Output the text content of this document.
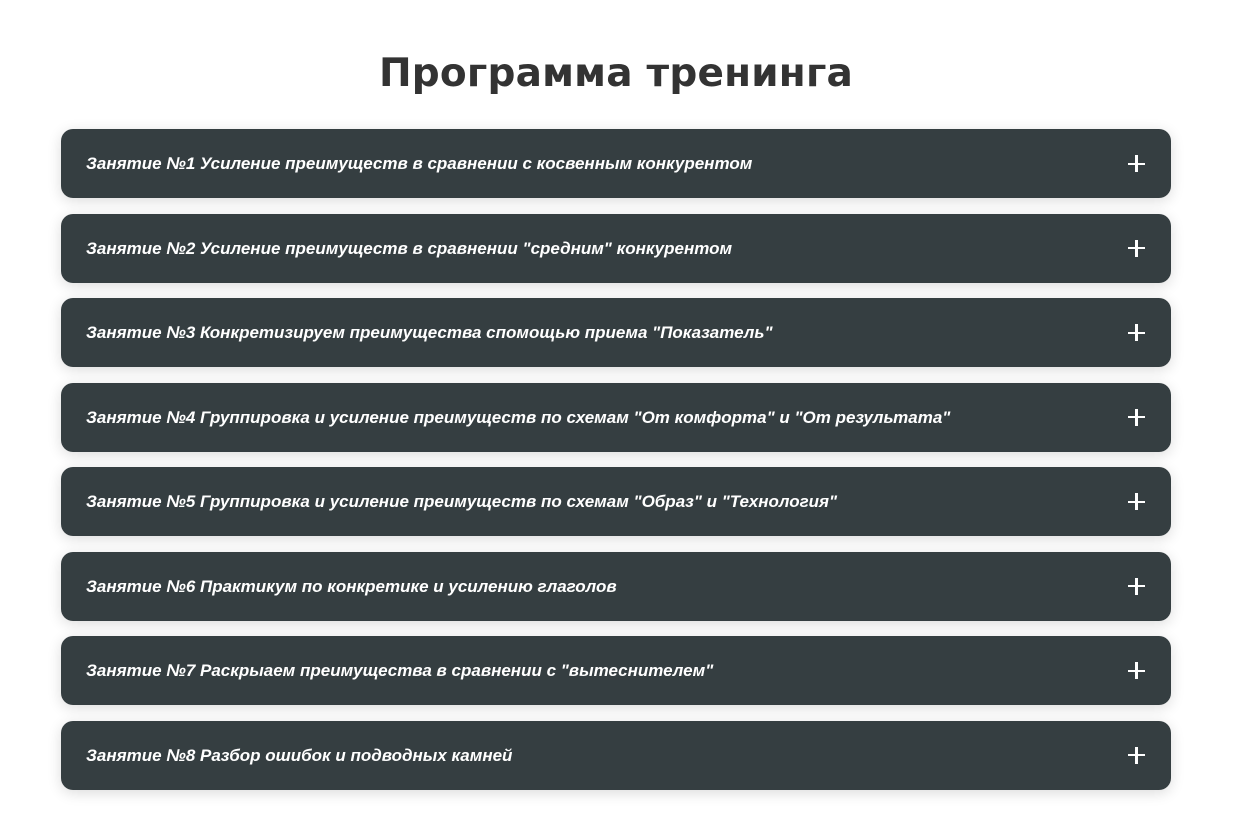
Программа тренинга
Занятие №1 Усиление преимуществ в сравнении с косвенным конкурентом
Занятие №2 Усиление преимуществ в сравнении "средним" конкурентом
Занятие №3 Конкретизируем преимущества спомощью приема "Показатель"
Занятие №4 Группировка и усиление преимуществ по схемам "От комфорта" и "От результата"
Занятие №5 Группировка и усиление преимуществ по схемам "Образ" и "Технология"
Занятие №6 Практикум по конкретике и усилению глаголов
Занятие №7 Раскрыаем преимущества в сравнении с "вытеснителем"
Занятие №8 Разбор ошибок и подводных камней
